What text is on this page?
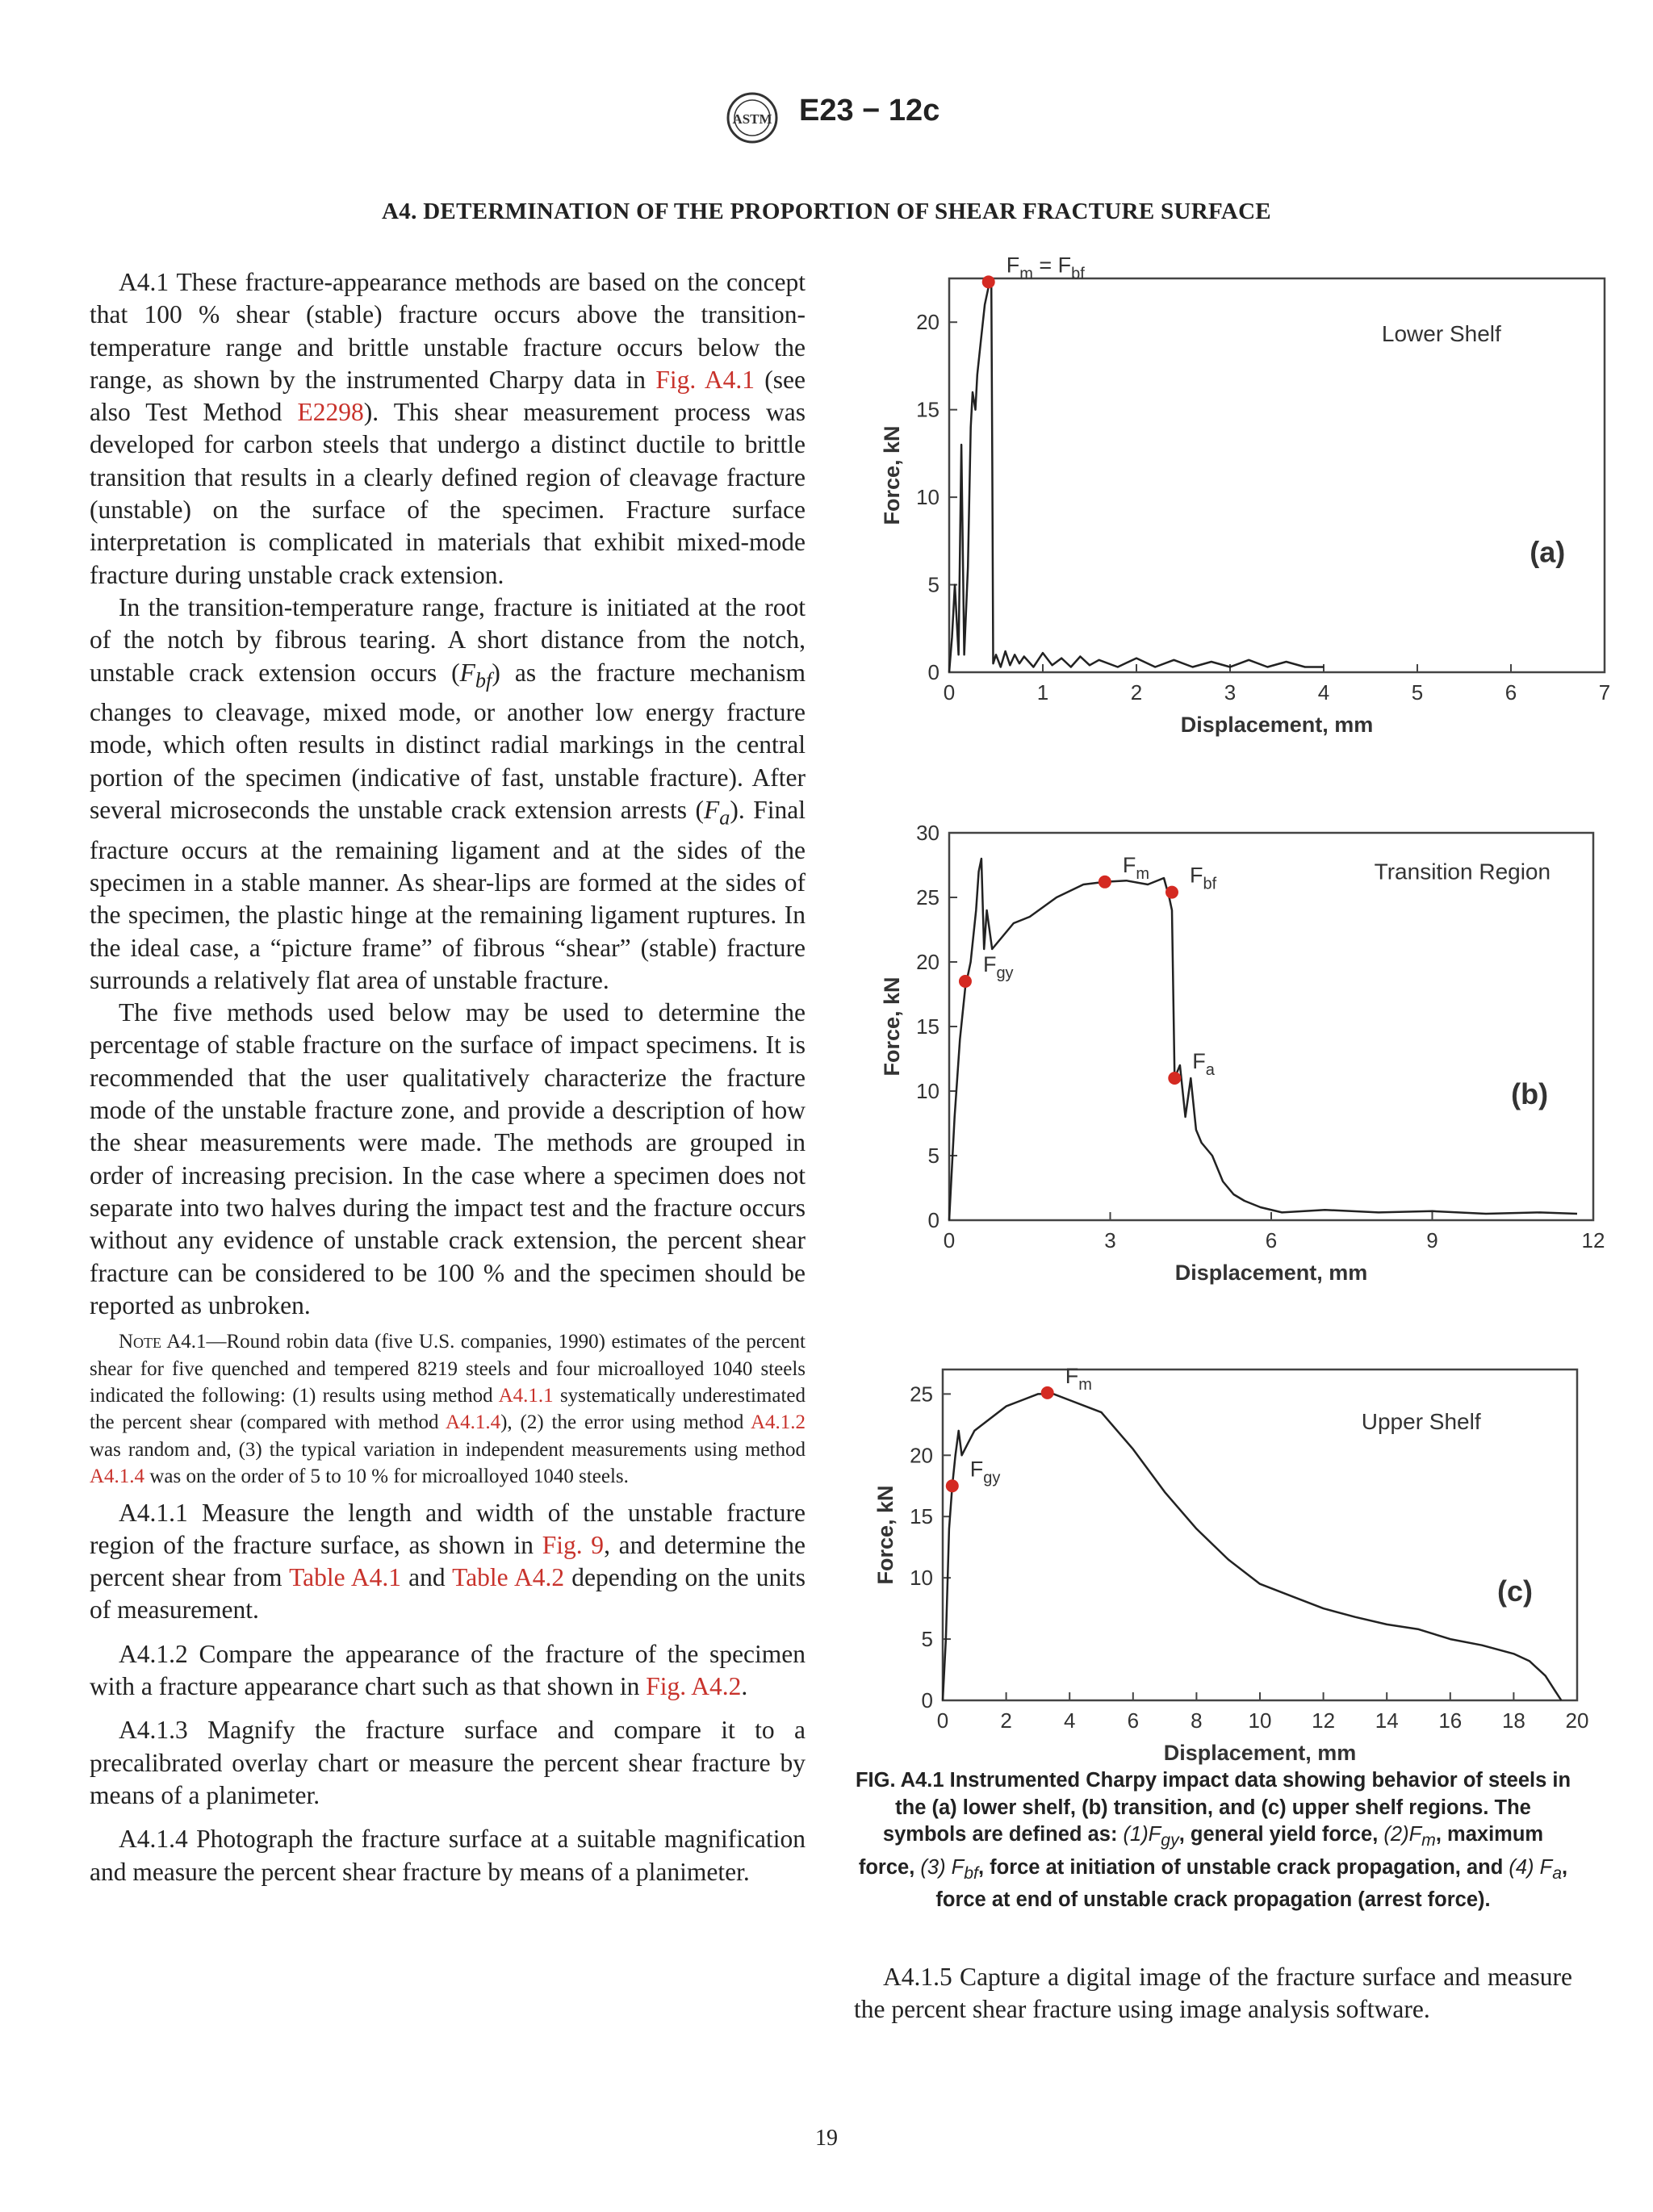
ASTM E23 − 12c
A4. DETERMINATION OF THE PROPORTION OF SHEAR FRACTURE SURFACE

A4.1 These fracture-appearance methods are based on the concept that 100 % shear (stable) fracture occurs above the transition-temperature range and brittle unstable fracture occurs below the range, as shown by the instrumented Charpy data in Fig. A4.1 (see also Test Method E2298). This shear measurement process was developed for carbon steels that undergo a distinct ductile to brittle transition that results in a clearly defined region of cleavage fracture (unstable) on the surface of the specimen. Fracture surface interpretation is complicated in materials that exhibit mixed-mode fracture during unstable crack extension.

In the transition-temperature range, fracture is initiated at the root of the notch by fibrous tearing. A short distance from the notch, unstable crack extension occurs $(F_{bf})$ as the fracture mechanism changes to cleavage, mixed mode, or another low energy fracture mode, which often results in distinct radial markings in the central portion of the specimen (indicative of fast, unstable fracture). After several microseconds the unstable crack extension arrests $(F_a)$. Final fracture occurs at the remaining ligament and at the sides of the specimen in a stable manner. As shear-lips are formed at the sides of the specimen, the plastic hinge at the remaining ligament ruptures. In the ideal case, a “picture frame” of fibrous “shear” (stable) fracture surrounds a relatively flat area of unstable fracture.

The five methods used below may be used to determine the percentage of stable fracture on the surface of impact specimens. It is recommended that the user qualitatively characterize the fracture mode of the unstable fracture zone, and provide a description of how the shear measurements were made. The methods are grouped in order of increasing precision. In the case where a specimen does not separate into two halves during the impact test and the fracture occurs without any evidence of unstable crack extension, the percent shear fracture can be considered to be 100 % and the specimen should be reported as unbroken.

Note A4.1—Round robin data (five U.S. companies, 1990) estimates of the percent shear for five quenched and tempered 8219 steels and four microalloyed 1040 steels indicated the following: (1) results using method A4.1.1 systematically underestimated the percent shear (compared with method A4.1.4), (2) the error using method A4.1.2 was random and, (3) the typical variation in independent measurements using method A4.1.4 was on the order of 5 to 10 % for microalloyed 1040 steels.

A4.1.1 Measure the length and width of the unstable fracture region of the fracture surface, as shown in Fig. 9, and determine the percent shear from Table A4.1 and Table A4.2 depending on the units of measurement.

A4.1.2 Compare the appearance of the fracture of the specimen with a fracture appearance chart such as that shown in Fig. A4.2.

A4.1.3 Magnify the fracture surface and compare it to a precalibrated overlay chart or measure the percent shear fracture by means of a planimeter.

A4.1.4 Photograph the fracture surface at a suitable magnification and measure the percent shear fracture by means of a planimeter.

0	1	2	3	4	5	6	7
0
5
10
15
20
Displacement, mm
Force, kN
$F_m = F_{bf}$
Lower Shelf
(a)
0	3	6	9	12
0
5
10
15
20
25
30
Displacement, mm
Force, kN
$F_{gy}$
$F_m$ $F_{bf}$
$F_a$
Transition Region
(b)
0 2 4 6 8 10 12 14 16 18 20
0
5
10
15
20
25
Displacement, mm
Force, kN
$F_{gy}$
$F_m$
Upper Shelf
(c)
FIG. A4.1 Instrumented Charpy impact data showing behavior of steels in the (a) lower shelf, (b) transition, and (c) upper shelf regions. The symbols are defined as: $(1)F_{gy}$, general yield force, $(2)F_m$, maximum force, (3) $F_{bf}$, force at initiation of unstable crack propagation, and (4) $F_a$, force at end of unstable crack propagation (arrest force).
A4.1.5 Capture a digital image of the fracture surface and measure the percent shear fracture using image analysis software.
19
